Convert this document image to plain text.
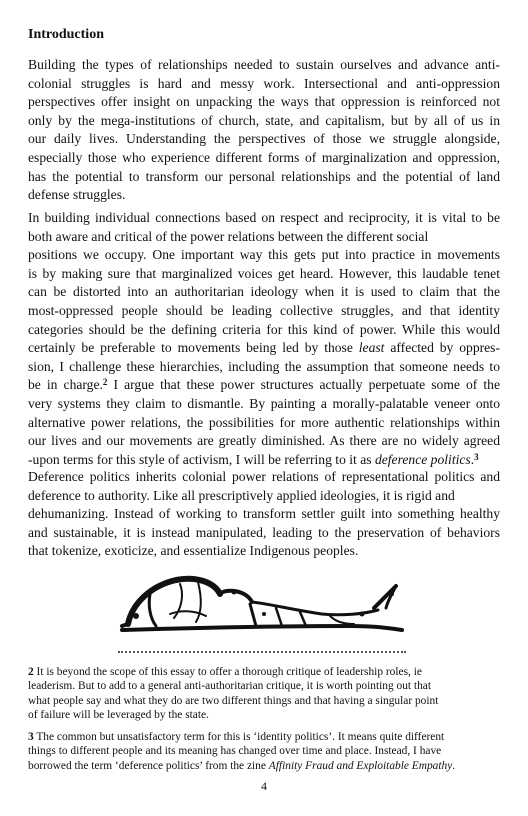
Introduction

Building the types of relationships needed to sustain ourselves and advance anti-
colonial struggles is hard and messy work. Intersectional and anti-oppression
perspectives offer insight on unpacking the ways that oppression is reinforced not
only by the mega-institutions of church, state, and capitalism, but by all of us in
our daily lives. Understanding the perspectives of those we struggle alongside,
especially those who experience different forms of marginalization and oppression,
has the potential to transform our personal relationships and the potential of land
defense struggles.

In building individual connections based on respect and reciprocity, it is vital to be
both aware and critical of the power relations between the different social
positions we occupy. One important way this gets put into practice in movements
is by making sure that marginalized voices get heard. However, this laudable tenet
can be distorted into an authoritarian ideology when it is used to claim that the
most-oppressed people should be leading collective struggles, and that identity
categories should be the defining criteria for this kind of power. While this would
certainly be preferable to movements being led by those least affected by oppres-
sion, I challenge these hierarchies, including the assumption that someone needs to
be in charge.$^2$ I argue that these power structures actually perpetuate some of the
very systems they claim to dismantle. By painting a morally-palatable veneer onto
alternative power relations, the possibilities for more authentic relationships within
our lives and our movements are greatly diminished. As there are no widely agreed
-upon terms for this style of activism, I will be referring to it as deference politics.$^3$

Deference politics inherits colonial power relations of representational politics and
deference to authority. Like all prescriptively applied ideologies, it is rigid and
dehumanizing. Instead of working to transform settler guilt into something healthy
and sustainable, it is instead manipulated, leading to the preservation of behaviors
that tokenize, exoticize, and essentialize Indigenous peoples.

2 It is beyond the scope of this essay to offer a thorough critique of leadership roles, ie
leaderism. But to add to a general anti-authoritarian critique, it is worth pointing out that
what people say and what they do are two different things and that having a singular point
of failure will be leveraged by the state.

3 The common but unsatisfactory term for this is ‘identity politics’. It means quite different
things to different people and its meaning has changed over time and place. Instead, I have
borrowed the term ‘deference politics’ from the zine Affinity Fraud and Exploitable Empathy.

4
